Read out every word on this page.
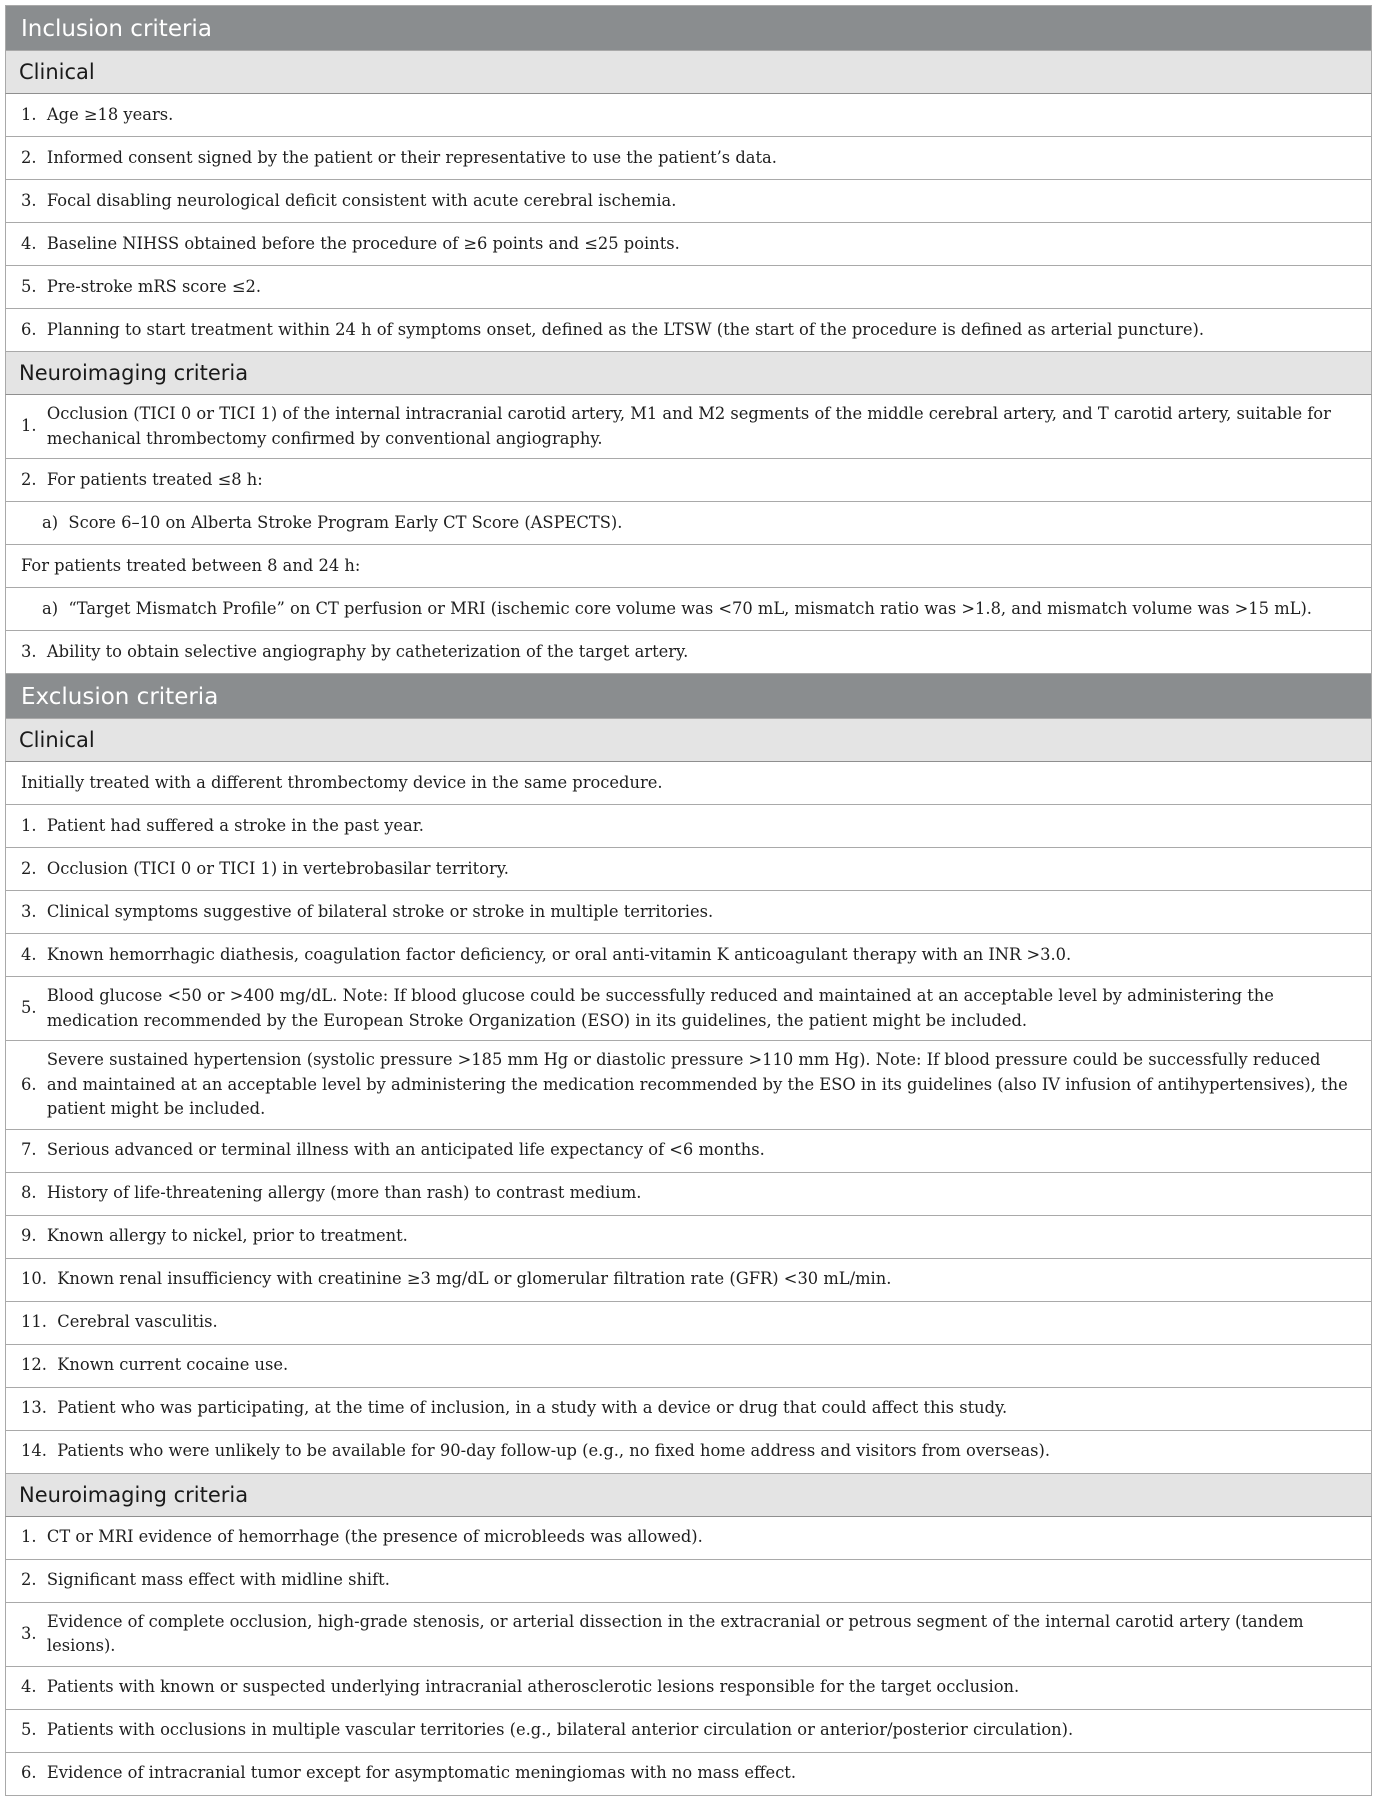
Inclusion criteria
Clinical
1. Age ≥18 years.
2. Informed consent signed by the patient or their representative to use the patient’s data.
3. Focal disabling neurological deficit consistent with acute cerebral ischemia.
4. Baseline NIHSS obtained before the procedure of ≥6 points and ≤25 points.
5. Pre-stroke mRS score ≤2.
6. Planning to start treatment within 24 h of symptoms onset, defined as the LTSW (the start of the procedure is defined as arterial puncture).
Neuroimaging criteria
1.
Occlusion (TICI 0 or TICI 1) of the internal intracranial carotid artery, M1 and M2 segments of the middle cerebral artery, and T carotid artery, suitable for mechanical thrombectomy confirmed by conventional angiography.
2. For patients treated ≤8 h:
a) Score 6–10 on Alberta Stroke Program Early CT Score (ASPECTS).
For patients treated between 8 and 24 h:
a) “Target Mismatch Profile” on CT perfusion or MRI (ischemic core volume was <70 mL, mismatch ratio was >1.8, and mismatch volume was >15 mL).
3. Ability to obtain selective angiography by catheterization of the target artery.
Exclusion criteria
Clinical
Initially treated with a different thrombectomy device in the same procedure.
1. Patient had suffered a stroke in the past year.
2. Occlusion (TICI 0 or TICI 1) in vertebrobasilar territory.
3. Clinical symptoms suggestive of bilateral stroke or stroke in multiple territories.
4. Known hemorrhagic diathesis, coagulation factor deficiency, or oral anti-vitamin K anticoagulant therapy with an INR >3.0.
5.
Blood glucose <50 or >400 mg/dL. Note: If blood glucose could be successfully reduced and maintained at an acceptable level by administering the medication recommended by the European Stroke Organization (ESO) in its guidelines, the patient might be included.
6.
Severe sustained hypertension (systolic pressure >185 mm Hg or diastolic pressure >110 mm Hg). Note: If blood pressure could be successfully reduced and maintained at an acceptable level by administering the medication recommended by the ESO in its guidelines (also IV infusion of antihypertensives), the patient might be included.
7. Serious advanced or terminal illness with an anticipated life expectancy of <6 months.
8. History of life-threatening allergy (more than rash) to contrast medium.
9. Known allergy to nickel, prior to treatment.
10. Known renal insufficiency with creatinine ≥3 mg/dL or glomerular filtration rate (GFR) <30 mL/min.
11. Cerebral vasculitis.
12. Known current cocaine use.
13. Patient who was participating, at the time of inclusion, in a study with a device or drug that could affect this study.
14. Patients who were unlikely to be available for 90-day follow-up (e.g., no fixed home address and visitors from overseas).
Neuroimaging criteria
1. CT or MRI evidence of hemorrhage (the presence of microbleeds was allowed).
2. Significant mass effect with midline shift.
3.
Evidence of complete occlusion, high-grade stenosis, or arterial dissection in the extracranial or petrous segment of the internal carotid artery (tandem lesions).
4. Patients with known or suspected underlying intracranial atherosclerotic lesions responsible for the target occlusion.
5. Patients with occlusions in multiple vascular territories (e.g., bilateral anterior circulation or anterior/posterior circulation).
6. Evidence of intracranial tumor except for asymptomatic meningiomas with no mass effect.
